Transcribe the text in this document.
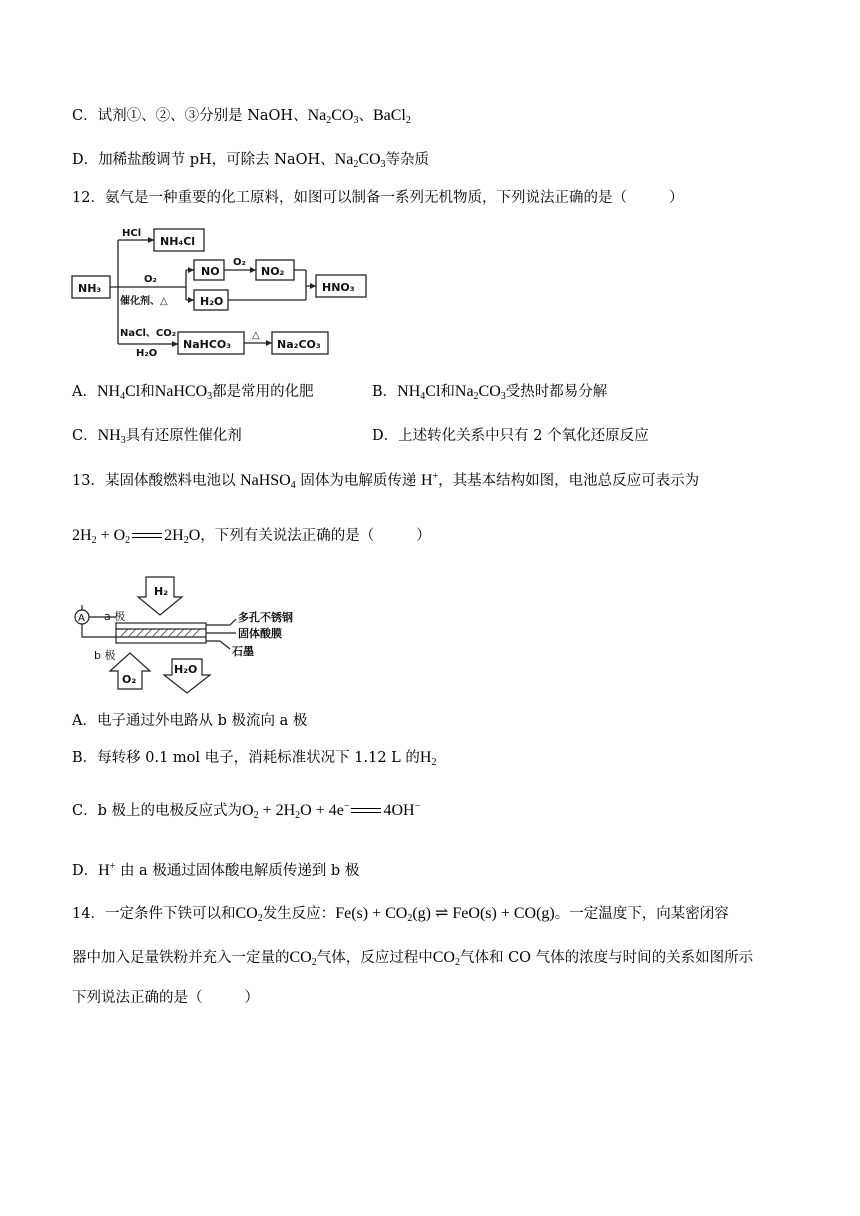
C．试剂①、②、③分别是 NaOH、$Na_2CO_3$、BaCl$_2$
D．加稀盐酸调节 pH，可除去 NaOH、$Na_2CO_3$等杂质
12．氨气是一种重要的化工原料，如图可以制备一系列无机物质，下列说法正确的是（	）
NH₃
HCl
NH₄Cl
O₂
催化剂、△
NO
O₂
NO₂
H₂O
HNO₃
NaCl、CO₂
H₂O
NaHCO₃
△
Na₂CO₃
A．$NH_4Cl$和NaHCO$_3$都是常用的化肥	B．$NH_4Cl$和$Na_2CO_3$受热时都易分解
C．$NH_3$具有还原性催化剂	D．上述转化关系中只有 2 个氧化还原反应
13．某固体酸燃料电池以 NaHSO$_4$ 固体为电解质传递 H+，其基本结构如图，电池总反应可表示为
$2H_2 + O_2$ $2H_2O$，下列有关说法正确的是（	）
A
H₂
a 极
b 极
多孔不锈钢
固体酸膜
石墨
O₂
H₂O
A．电子通过外电路从 b 极流向 a 极
B．每转移 0.1 mol 电子，消耗标准状况下 1.12 L 的$H_2$
C．b 极上的电极反应式为$O_2 + 2H_2O + 4e^-$ 4OH−
D．H+ 由 a 极通过固体酸电解质传递到 b 极
14．一定条件下铁可以和$CO_2$发生反应：$Fe(s) + CO_2(g)$ ⇌ FeO(s) + CO(g)。一定温度下，向某密闭容
器中加入足量铁粉并充入一定量的$CO_2$气体，反应过程中$CO_2$气体和 CO 气体的浓度与时间的关系如图所示
下列说法正确的是（	）
